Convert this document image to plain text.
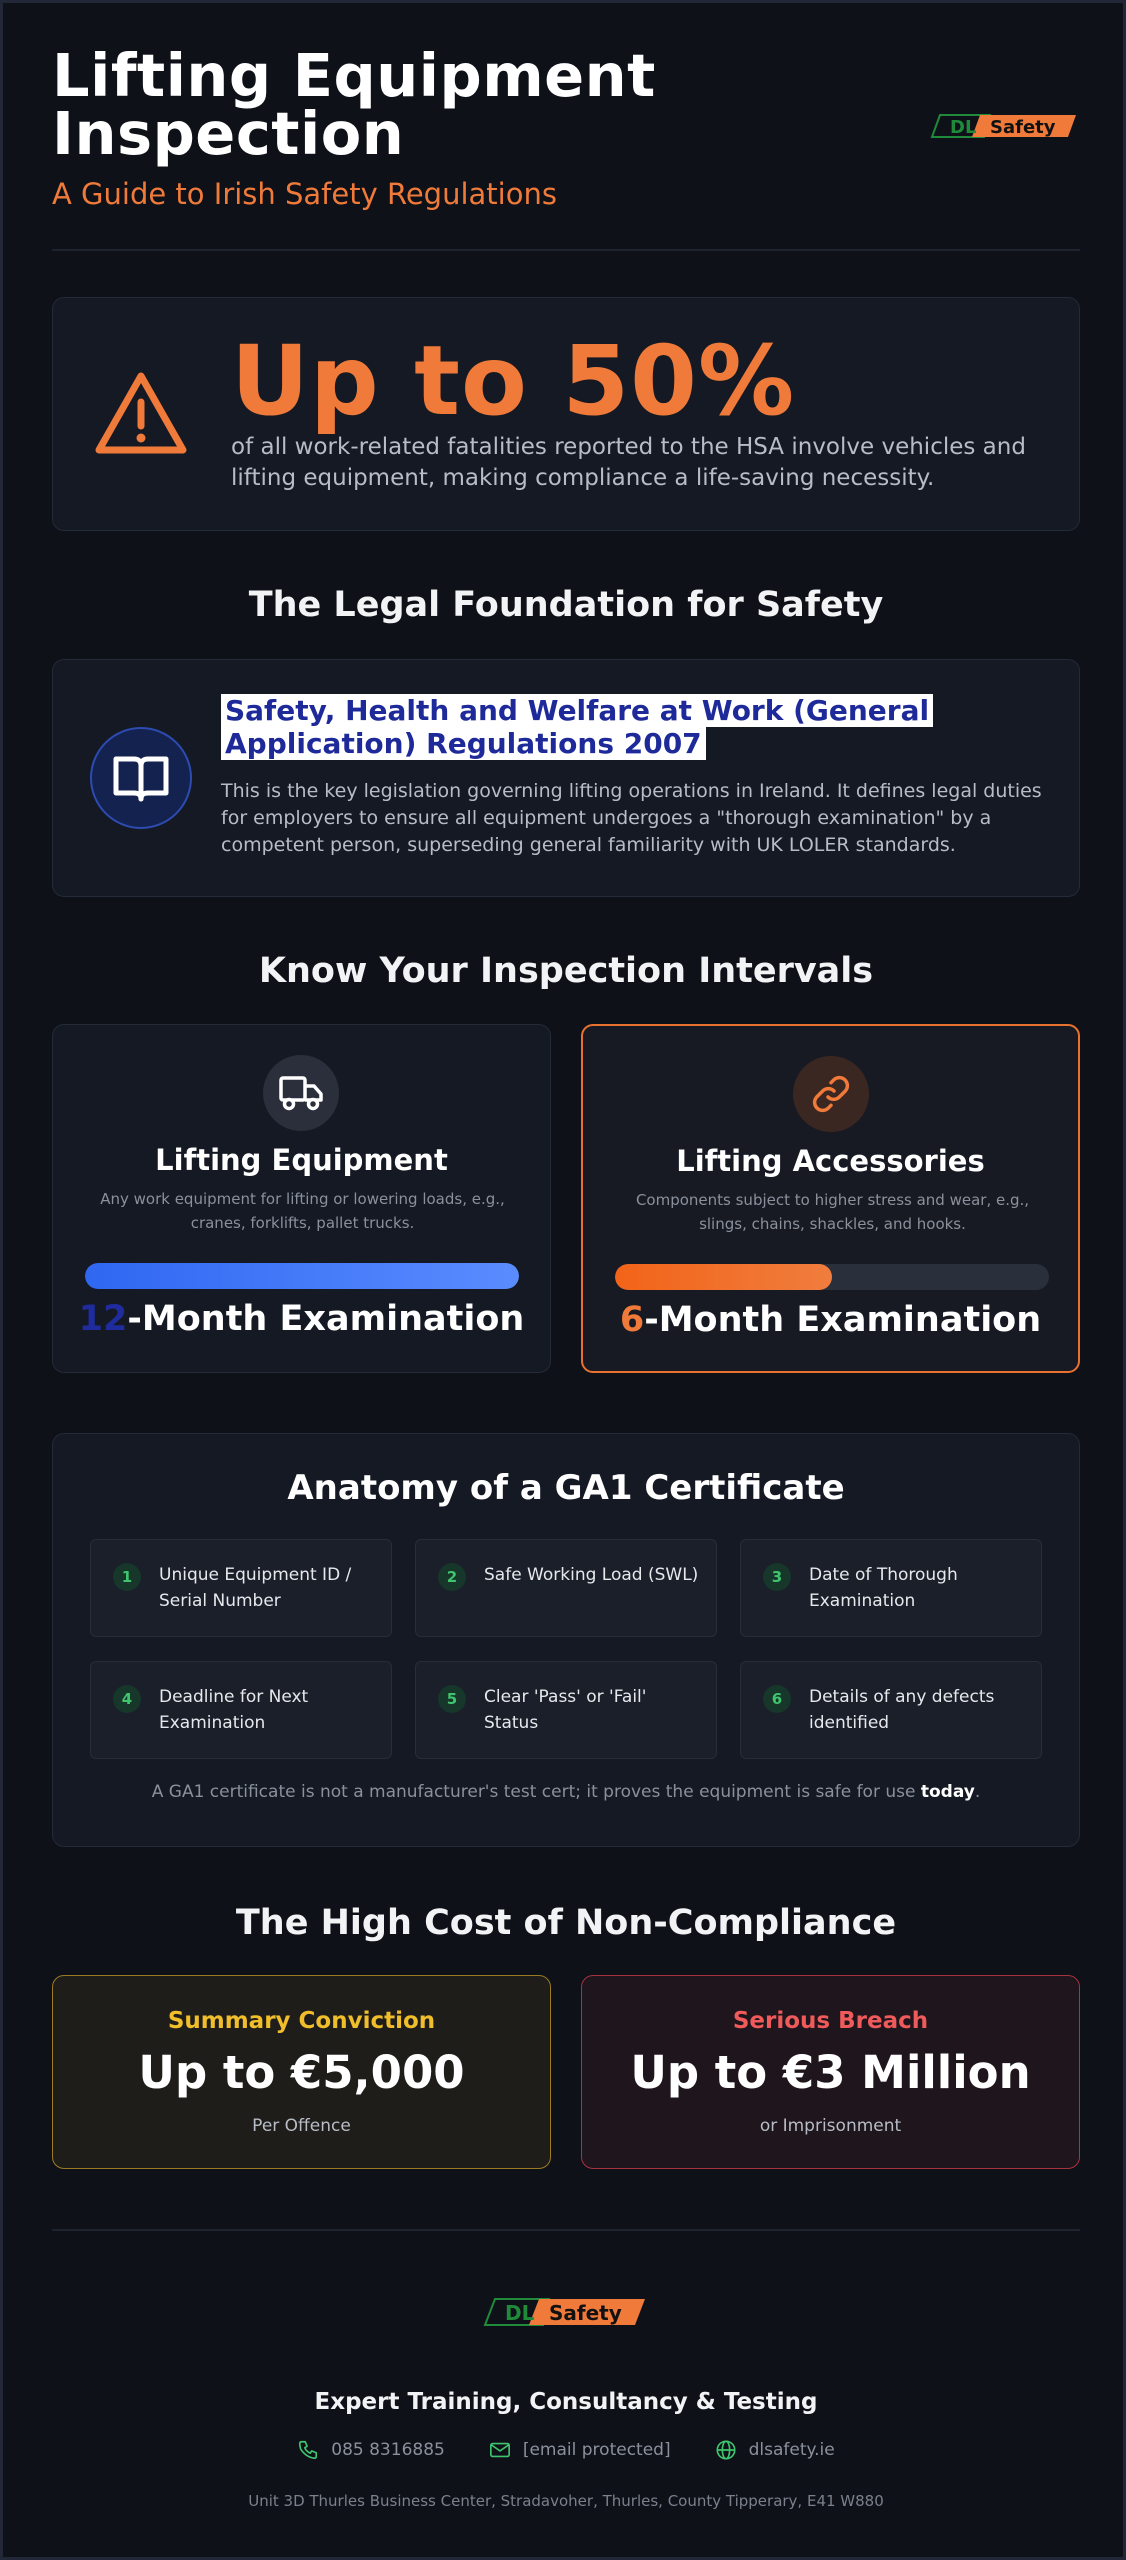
Lifting Equipment Inspection
A Guide to Irish Safety Regulations
DL Safety
Up to 50%
of all work-related fatalities reported to the HSA involve vehicles and lifting equipment, making compliance a life-saving necessity.
The Legal Foundation for Safety
Safety, Health and Welfare at Work (General Application) Regulations 2007
This is the key legislation governing lifting operations in Ireland. It defines legal duties for employers to ensure all equipment undergoes a "thorough examination" by a competent person, superseding general familiarity with UK LOLER standards.
Know Your Inspection Intervals
Lifting Equipment
Any work equipment for lifting or lowering loads, e.g., cranes, forklifts, pallet trucks.
12-Month Examination
Lifting Accessories
Components subject to higher stress and wear, e.g., slings, chains, shackles, and hooks.
6-Month Examination
Anatomy of a GA1 Certificate
1	Unique Equipment ID / Serial Number
2	Safe Working Load (SWL)	3	Date of Thorough Examination
4	Deadline for Next Examination
5	Clear 'Pass' or 'Fail' Status
6	Details of any defects identified
A GA1 certificate is not a manufacturer's test cert; it proves the equipment is safe for use today.
The High Cost of Non-Compliance
Summary Conviction
Up to €5,000
Per Offence
Serious Breach
Up to €3 Million
or Imprisonment
DL Safety
Expert Training, Consultancy & Testing
085 8316885	[email protected]	dlsafety.ie
Unit 3D Thurles Business Center, Stradavoher, Thurles, County Tipperary, E41 W880
